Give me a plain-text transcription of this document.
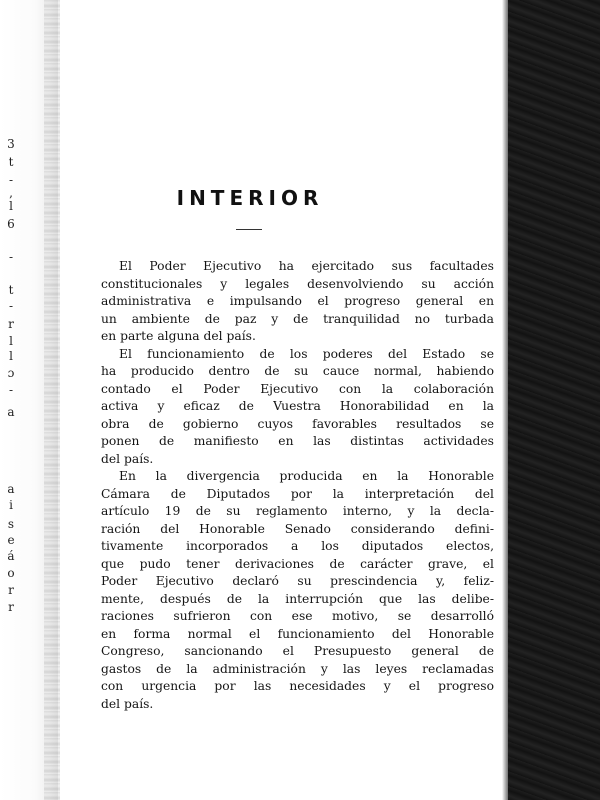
3
t
-
,
l
6
-
t
-
r
l
l
ɔ
-
a
a
i
s
e
á
o
r
r
INTERIOR
El Poder Ejecutivo ha ejercitado sus facultades
constitucionales y legales desenvolviendo su acción
administrativa e impulsando el progreso general en
un ambiente de paz y de tranquilidad no turbada
en parte alguna del país.
El funcionamiento de los poderes del Estado se
ha producido dentro de su cauce normal, habiendo
contado el Poder Ejecutivo con la colaboración
activa y eficaz de Vuestra Honorabilidad en la
obra de gobierno cuyos favorables resultados se
ponen de manifiesto en las distintas actividades
del país.
En la divergencia producida en la Honorable
Cámara de Diputados por la interpretación del
artículo 19 de su reglamento interno, y la decla-
ración del Honorable Senado considerando defini-
tivamente incorporados a los diputados electos,
que pudo tener derivaciones de carácter grave, el
Poder Ejecutivo declaró su prescindencia y, feliz-
mente, después de la interrupción que las delibe-
raciones sufrieron con ese motivo, se desarrolló
en forma normal el funcionamiento del Honorable
Congreso, sancionando el Presupuesto general de
gastos de la administración y las leyes reclamadas
con urgencia por las necesidades y el progreso
del país.
